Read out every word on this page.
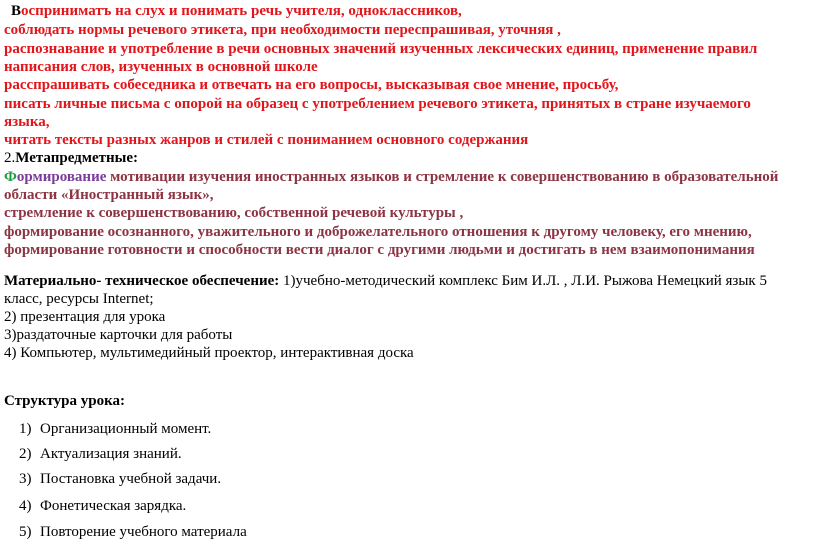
Восприниматъ на слух и понимать речь учителя, одноклассников,
соблюдать нормы речевого этикета, при необходимости переспрашивая, уточняя ,
распознавание и употребление в речи основных значений изученных лексических единиц, применение правил
написания слов, изученных в основной школе
расспрашивать собеседника и отвечать на его вопросы, высказывая свое мнение, просьбу,
писать личные письма с опорой на образец с употреблением речевого этикета, принятых в стране изучаемого
языка,
читать тексты разных жанров и стилей с пониманием основного содержания
2.Метапредметные:
Формирование мотивации изучения иностранных языков и стремление к совершенствованию в образовательной
области «Иностранный язык»,
стремление к совершенствованию, собственной речевой культуры ,
формирование осознанного, уважительного и доброжелательного отношения к другому человеку, его мнению,
формирование готовности и способности вести диалог с другими людьми и достигать в нем взаимопонимания
Материально- техническое обеспечение: 1)учебно-методический комплекс Бим И.Л. , Л.И. Рыжова Немецкий язык 5
класс, ресурсы Internet;
2) презентация для урока
3)раздаточные карточки для работы
4) Компьютер, мультимедийный проектор, интерактивная доска
Структура урока:
1) Организационный момент.
2) Актуализация знаний.
3) Постановка учебной задачи.
4) Фонетическая зарядка.
5) Повторение учебного материала
